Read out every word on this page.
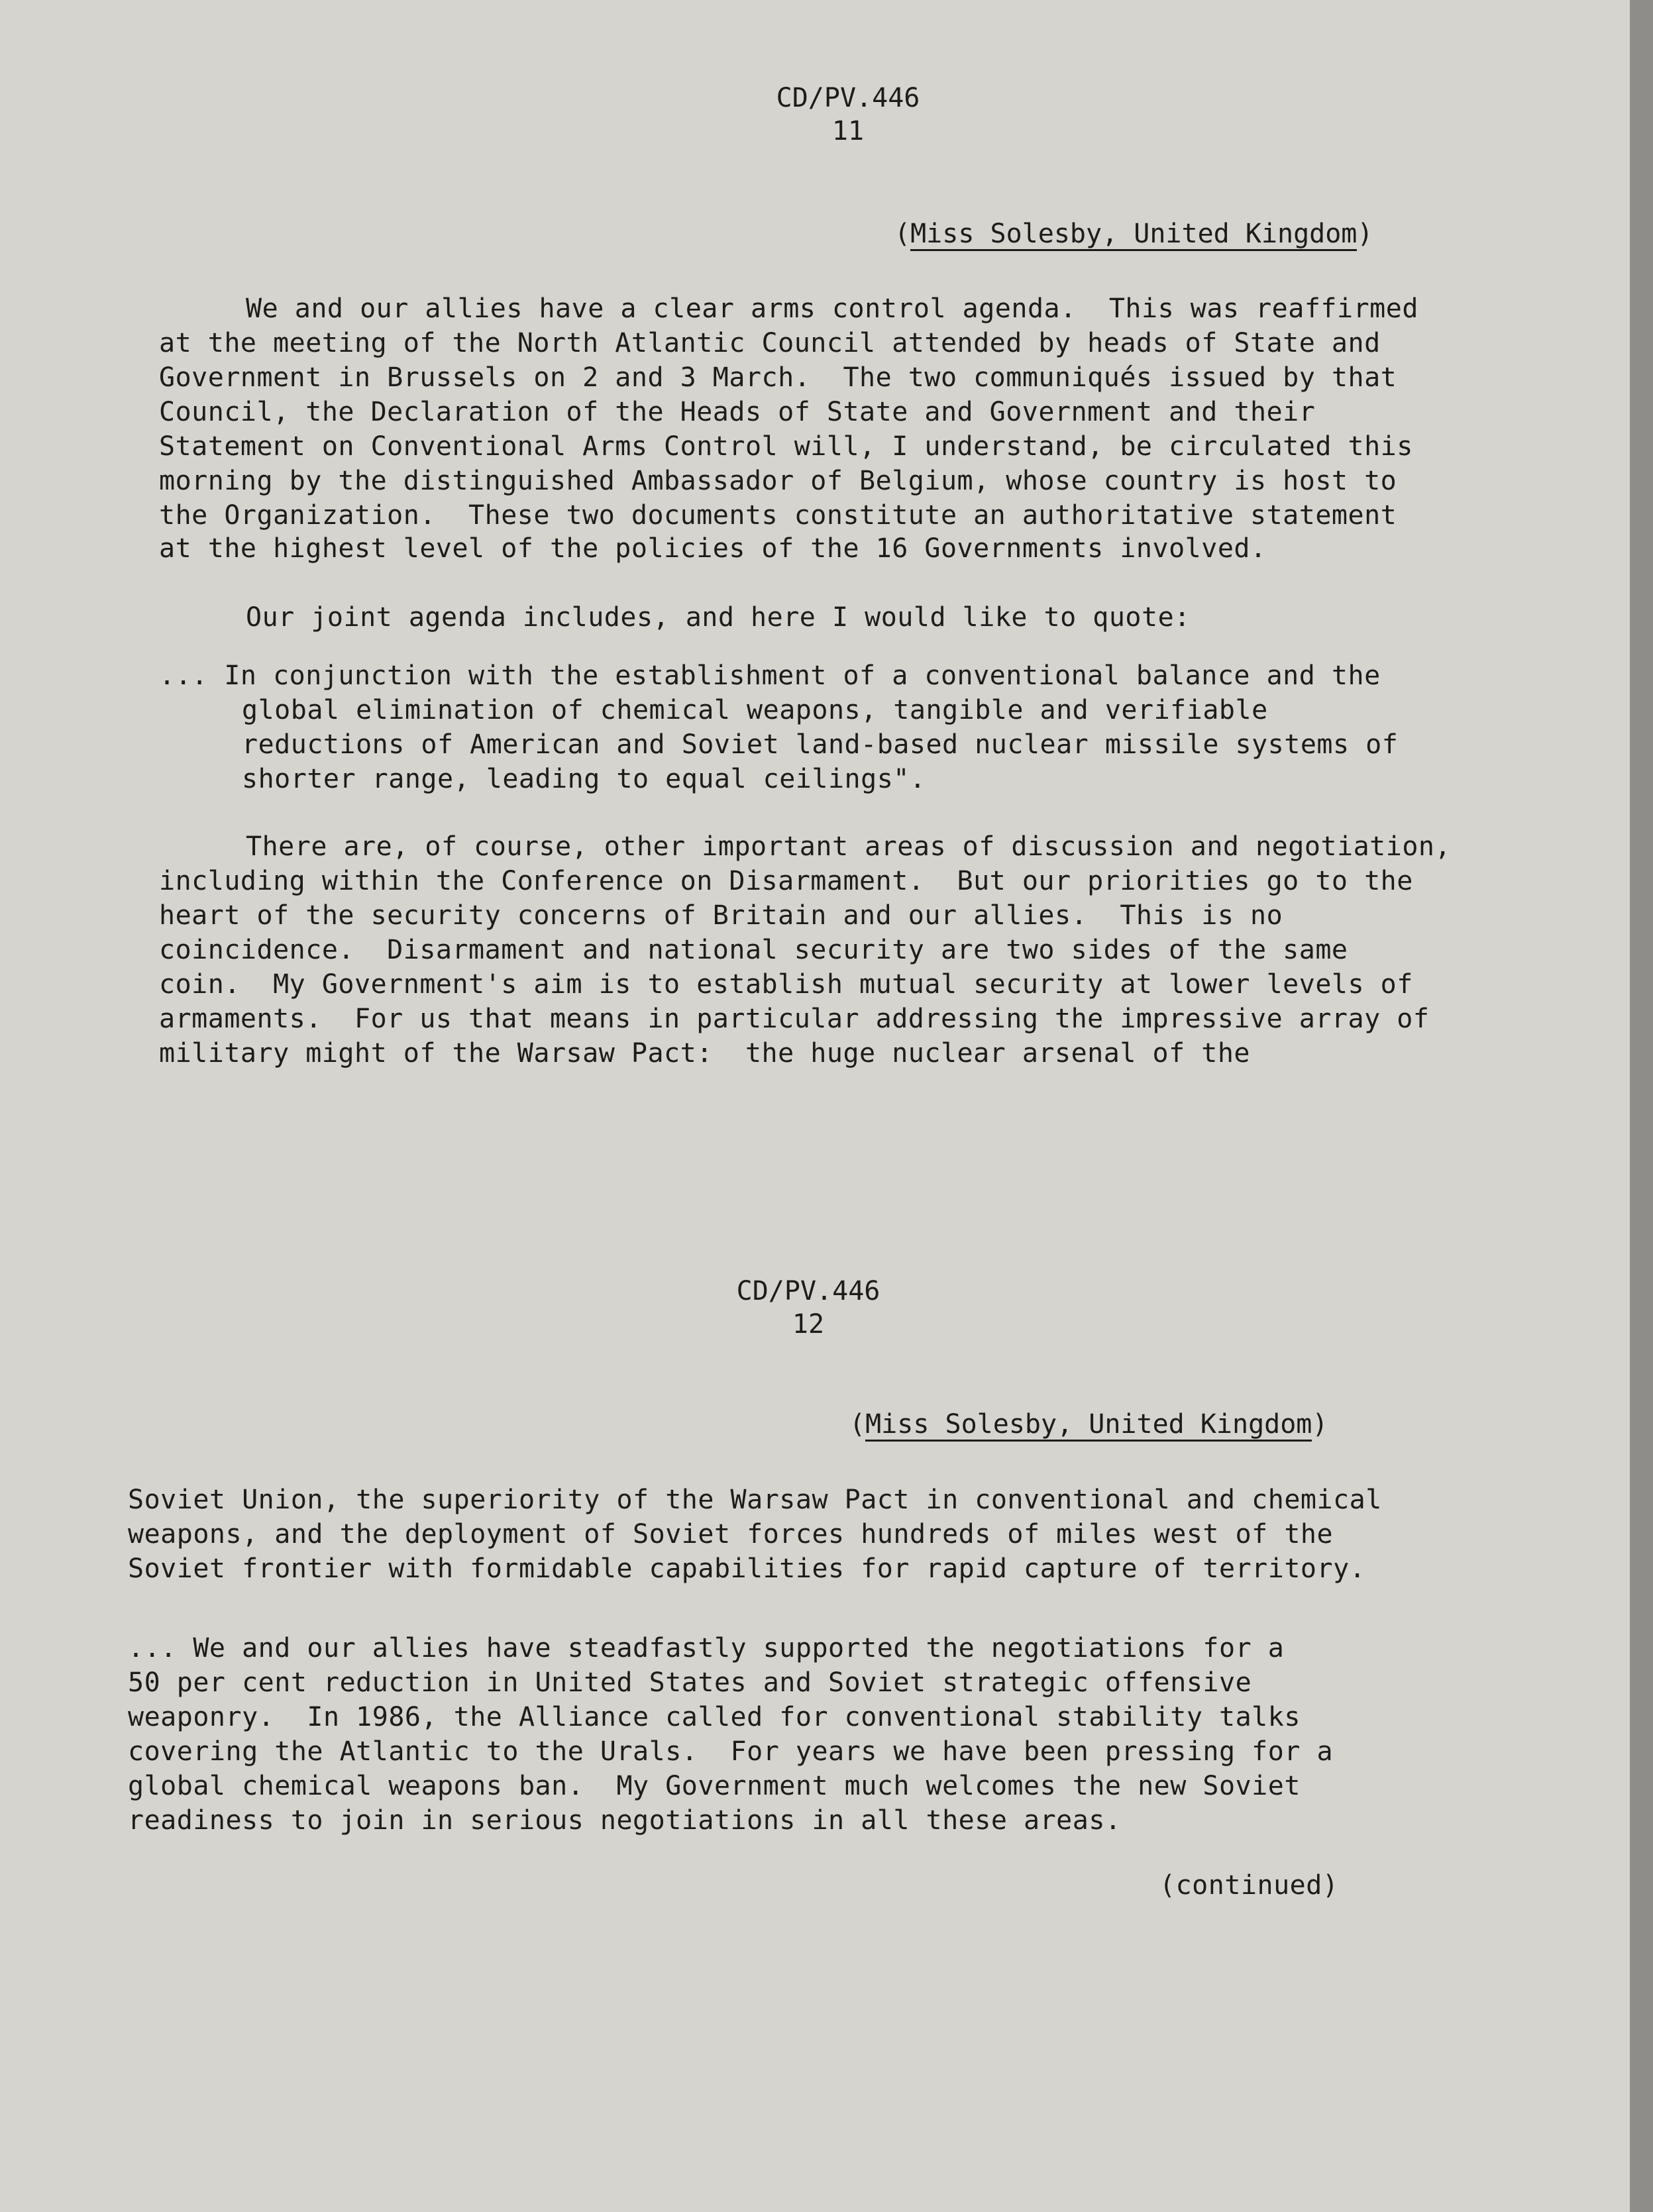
CD/PV.446
11
(Miss Solesby, United Kingdom)
We and our allies have a clear arms control agenda.  This was reaffirmed
at the meeting of the North Atlantic Council attended by heads of State and
Government in Brussels on 2 and 3 March.  The two communiqués issued by that
Council, the Declaration of the Heads of State and Government and their
Statement on Conventional Arms Control will, I understand, be circulated this
morning by the distinguished Ambassador of Belgium, whose country is host to
the Organization.  These two documents constitute an authoritative statement
at the highest level of the policies of the 16 Governments involved.
Our joint agenda includes, and here I would like to quote:
... In conjunction with the establishment of a conventional balance and the
global elimination of chemical weapons, tangible and verifiable
reductions of American and Soviet land-based nuclear missile systems of
shorter range, leading to equal ceilings".
There are, of course, other important areas of discussion and negotiation,
including within the Conference on Disarmament.  But our priorities go to the
heart of the security concerns of Britain and our allies.  This is no
coincidence.  Disarmament and national security are two sides of the same
coin.  My Government's aim is to establish mutual security at lower levels of
armaments.  For us that means in particular addressing the impressive array of
military might of the Warsaw Pact:  the huge nuclear arsenal of the
CD/PV.446
12
(Miss Solesby, United Kingdom)
Soviet Union, the superiority of the Warsaw Pact in conventional and chemical
weapons, and the deployment of Soviet forces hundreds of miles west of the
Soviet frontier with formidable capabilities for rapid capture of territory.
... We and our allies have steadfastly supported the negotiations for a
50 per cent reduction in United States and Soviet strategic offensive
weaponry.  In 1986, the Alliance called for conventional stability talks
covering the Atlantic to the Urals.  For years we have been pressing for a
global chemical weapons ban.  My Government much welcomes the new Soviet
readiness to join in serious negotiations in all these areas.
(continued)
